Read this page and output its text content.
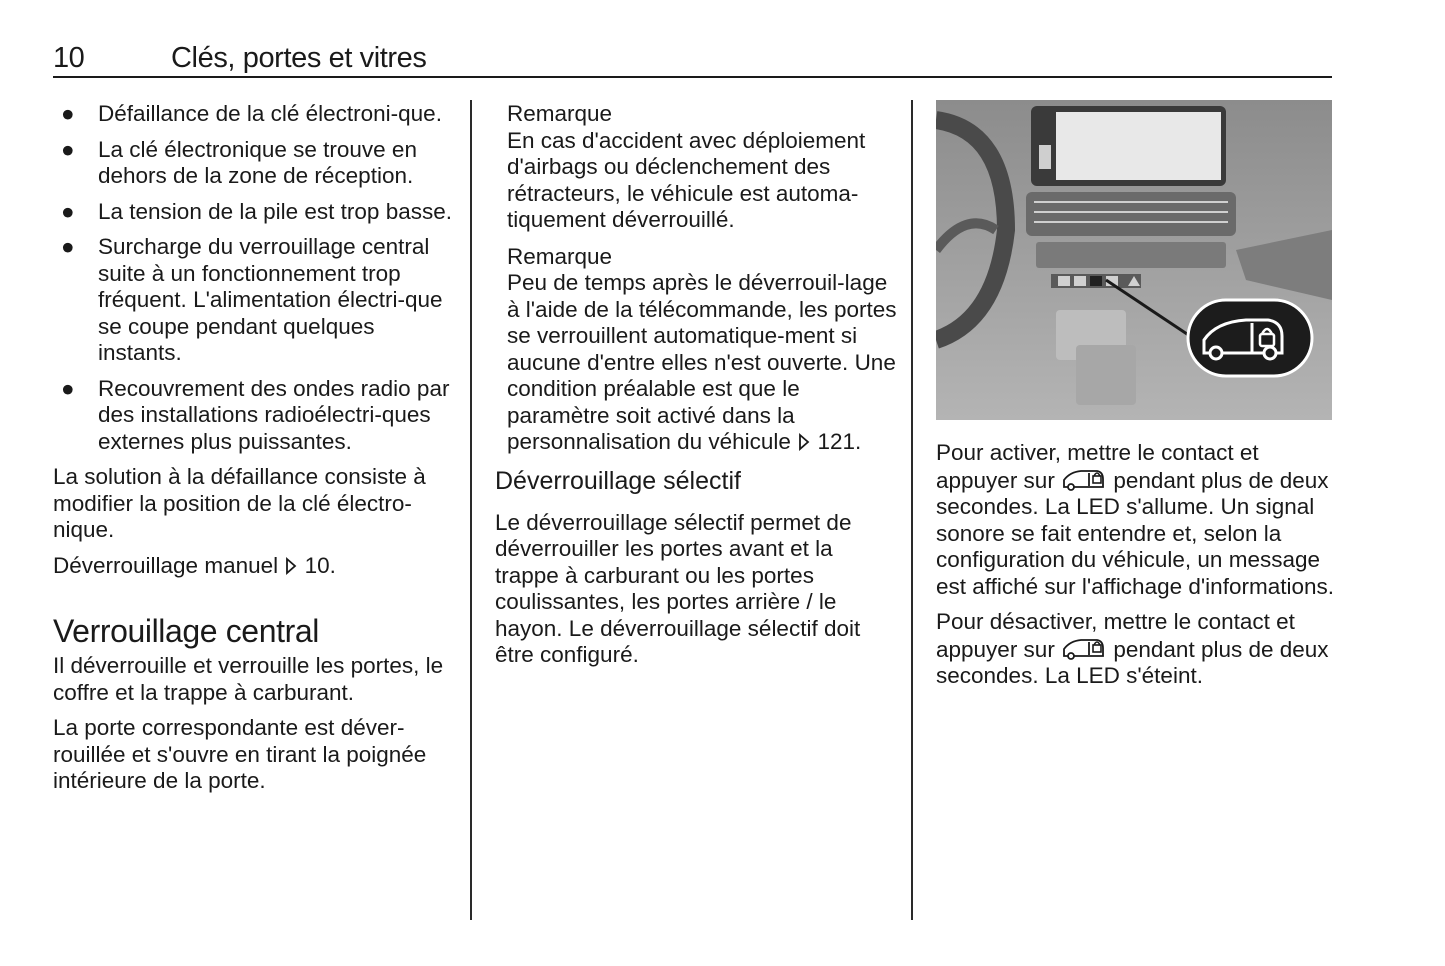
10	Clés, portes et vitres
● Défaillance de la clé électroni-que.
● La clé électronique se trouve en dehors de la zone de réception.
● La tension de la pile est trop basse.
● Surcharge du verrouillage central suite à un fonctionnement trop fréquent. L'alimentation électri-que se coupe pendant quelques instants.
● Recouvrement des ondes radio par des installations radioélectri-ques externes plus puissantes.

La solution à la défaillance consiste à modifier la position de la clé électro-nique.

Déverrouillage manuel 10.

Verrouillage central

Il déverrouille et verrouille les portes, le coffre et la trappe à carburant.

La porte correspondante est déver-rouillée et s'ouvre en tirant la poignée intérieure de la porte.

Remarque
En cas d'accident avec déploiement d'airbags ou déclenchement des rétracteurs, le véhicule est automa-tiquement déverrouillé.
Remarque
Peu de temps après le déverrouil-lage à l'aide de la télécommande, les portes se verrouillent automatique-ment si aucune d'entre elles n'est ouverte. Une condition préalable est que le paramètre soit activé dans la personnalisation du véhicule 121.
Déverrouillage sélectif

Le déverrouillage sélectif permet de déverrouiller les portes avant et la trappe à carburant ou les portes coulissantes, les portes arrière / le hayon. Le déverrouillage sélectif doit être configuré.

Pour activer, mettre le contact et appuyer sur	pendant plus de deux secondes. La LED s'allume. Un signal sonore se fait entendre et, selon la configuration du véhicule, un message est affiché sur l'affichage d'informations.

Pour désactiver, mettre le contact et appuyer sur	pendant plus de deux secondes. La LED s'éteint.
